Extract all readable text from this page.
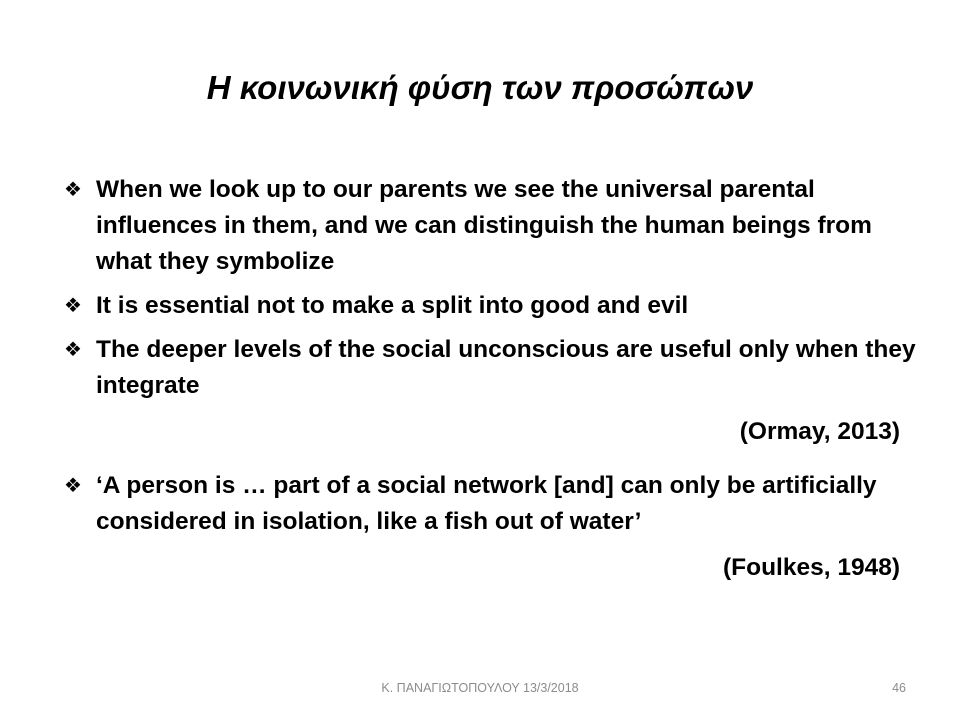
Η κοινωνική φύση των προσώπων
❖ When we look up to our parents we see the universal parental influences in them, and we can distinguish the human beings from what they symbolize
❖ It is essential not to make a split into good and evil
❖ The deeper levels of the social unconscious are useful only when they integrate
(Ormay, 2013)
❖ ‘A person is … part of a social network [and] can only be artificially considered in isolation, like a fish out of water’
(Foulkes, 1948)
Κ. ΠΑΝΑΓΙΩΤΟΠΟΥΛΟΥ 13/3/2018	46
